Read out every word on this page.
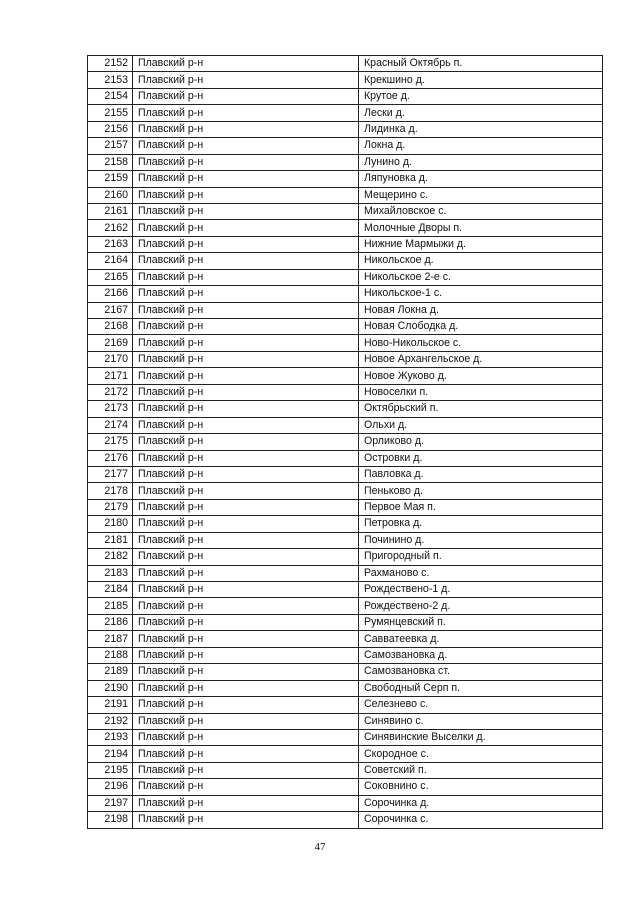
2152	Плавский р-н	Красный Октябрь п.
2153	Плавский р-н	Крекшино д.
2154	Плавский р-н	Крутое д.
2155	Плавский р-н	Лески д.
2156	Плавский р-н	Лидинка д.
2157	Плавский р-н	Локна д.
2158	Плавский р-н	Лунино д.
2159	Плавский р-н	Ляпуновка д.
2160	Плавский р-н	Мещерино с.
2161	Плавский р-н	Михайловское с.
2162	Плавский р-н	Молочные Дворы п.
2163	Плавский р-н	Нижние Мармыжи д.
2164	Плавский р-н	Никольское д.
2165	Плавский р-н	Никольское 2-е с.
2166	Плавский р-н	Никольское-1 с.
2167	Плавский р-н	Новая Локна д.
2168	Плавский р-н	Новая Слободка д.
2169	Плавский р-н	Ново-Никольское с.
2170	Плавский р-н	Новое Архангельское д.
2171	Плавский р-н	Новое Жуково д.
2172	Плавский р-н	Новоселки п.
2173	Плавский р-н	Октябрьский п.
2174	Плавский р-н	Ольхи д.
2175	Плавский р-н	Орликово д.
2176	Плавский р-н	Островки д.
2177	Плавский р-н	Павловка д.
2178	Плавский р-н	Пеньково д.
2179	Плавский р-н	Первое Мая п.
2180	Плавский р-н	Петровка д.
2181	Плавский р-н	Починино д.
2182	Плавский р-н	Пригородный п.
2183	Плавский р-н	Рахманово с.
2184	Плавский р-н	Рождествено-1 д.
2185	Плавский р-н	Рождествено-2 д.
2186	Плавский р-н	Румянцевский п.
2187	Плавский р-н	Савватеевка д.
2188	Плавский р-н	Самозвановка д.
2189	Плавский р-н	Самозвановка ст.
2190	Плавский р-н	Свободный Серп п.
2191	Плавский р-н	Селезнево с.
2192	Плавский р-н	Синявино с.
2193	Плавский р-н	Синявинские Выселки д.
2194	Плавский р-н	Скородное с.
2195	Плавский р-н	Советский п.
2196	Плавский р-н	Соковнино с.
2197	Плавский р-н	Сорочинка д.
2198	Плавский р-н	Сорочинка с.
47
